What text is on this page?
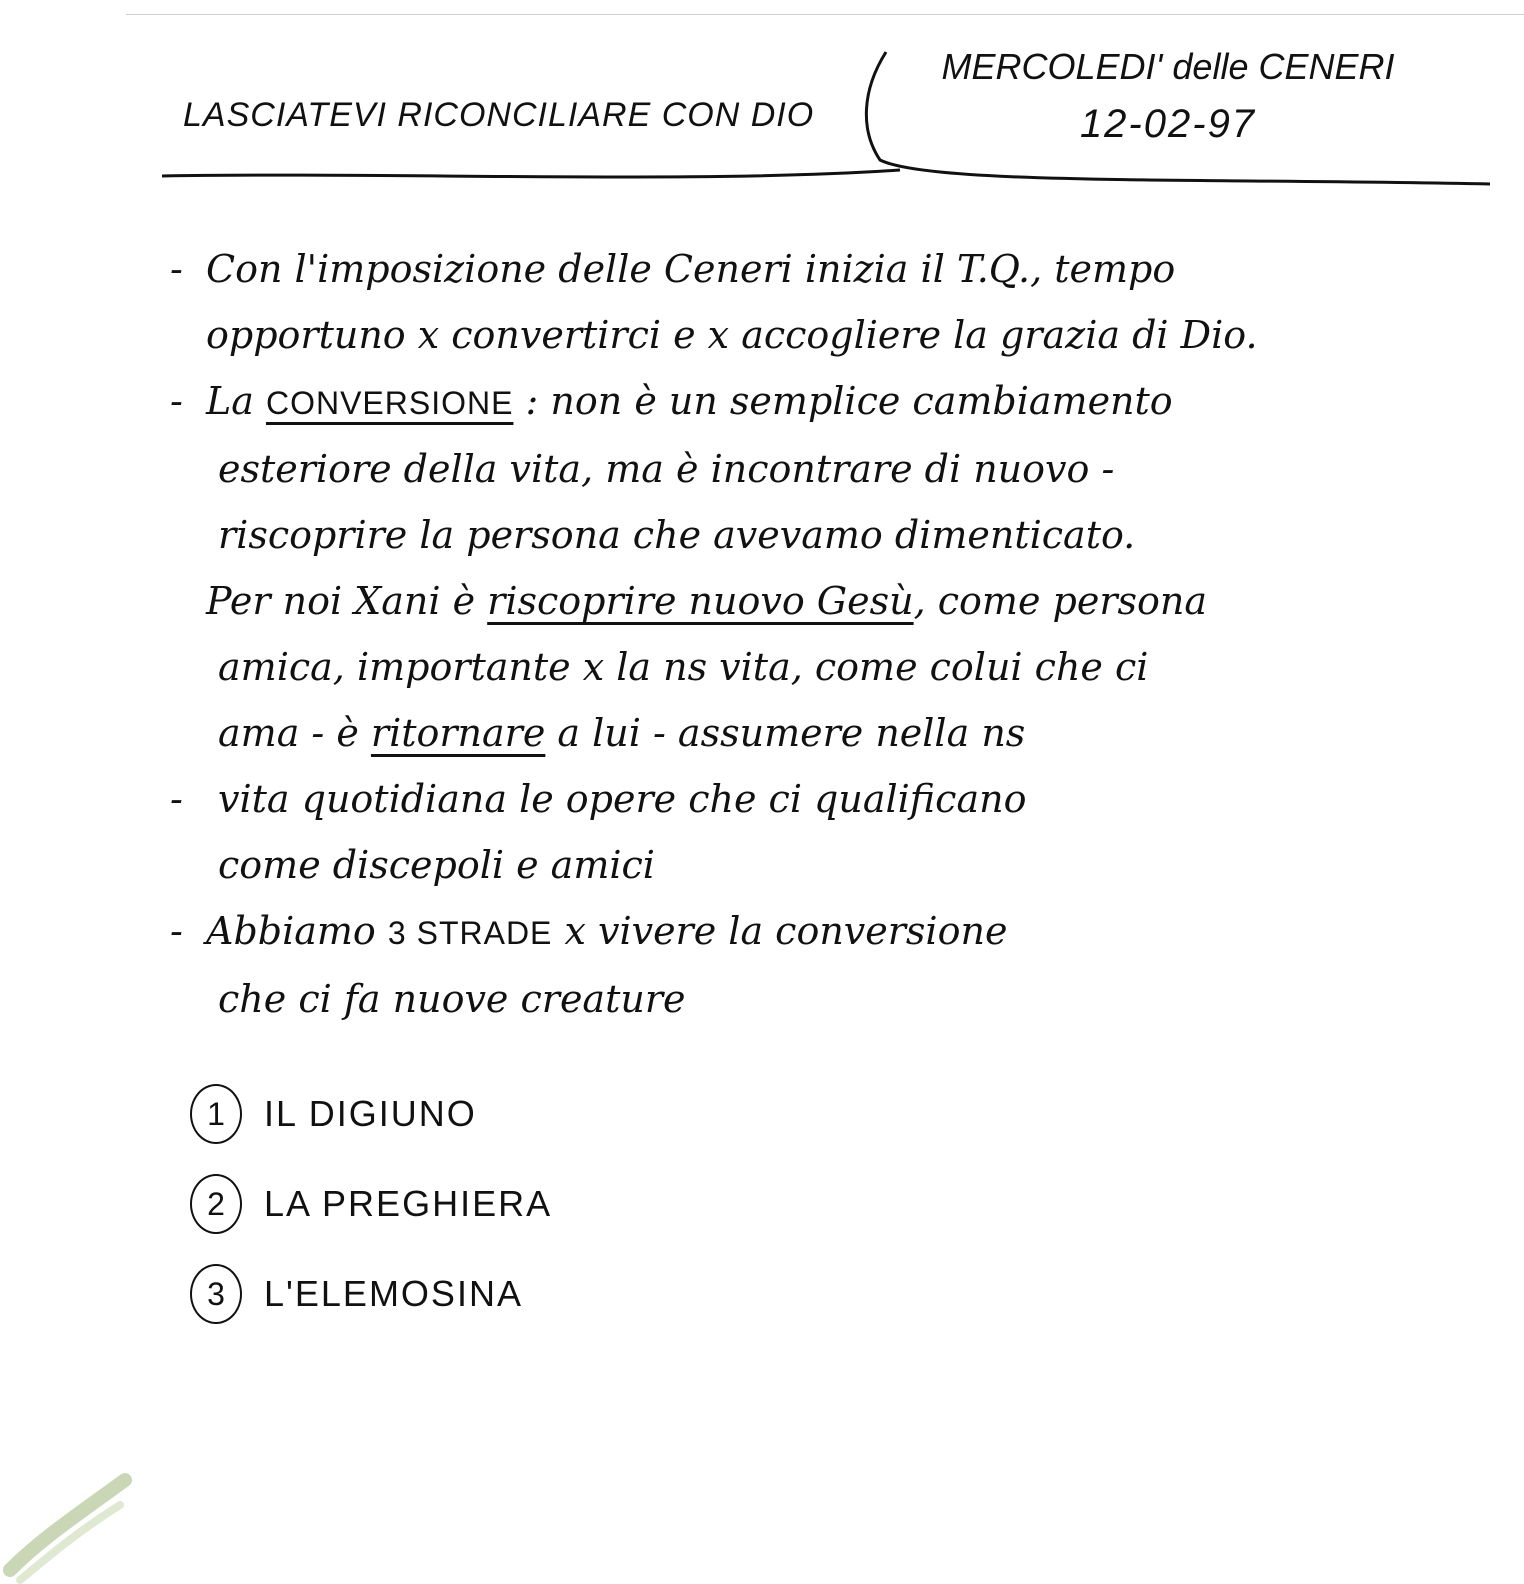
LASCIATEVI RICONCILIARE CON DIO
MERCOLEDI' delle CENERI
12-02-97
- Con l'imposizione delle Ceneri inizia il T.Q., tempo
opportuno x convertirci e x accogliere la grazia di Dio.
- La CONVERSIONE : non è un semplice cambiamento
esteriore della vita, ma è incontrare di nuovo -
riscoprire la persona che avevamo dimenticato.
Per noi Xani è riscoprire nuovo Gesù, come persona
amica, importante x la ns vita, come colui che ci
ama - è ritornare a lui - assumere nella ns
- vita quotidiana le opere che ci qualificano
come discepoli e amici
- Abbiamo 3 STRADE x vivere la conversione
che ci fa nuove creature
1	IL DIGIUNO
2	LA PREGHIERA
3	L'ELEMOSINA
